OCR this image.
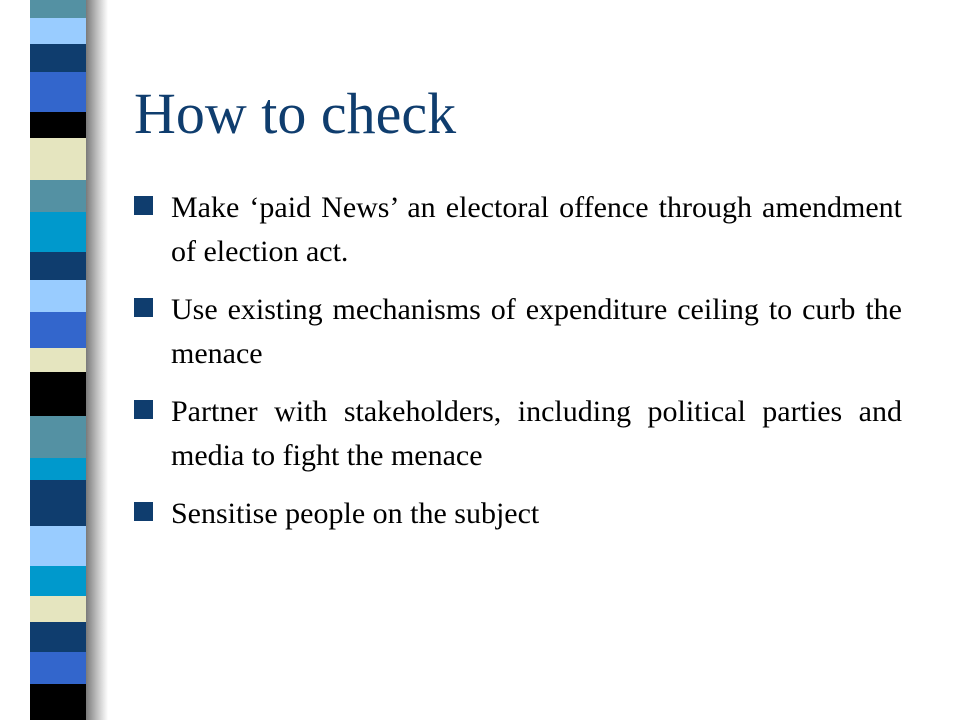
How to check
Make ‘paid News’ an electoral offence through amendment of election act.
Use existing mechanisms of expenditure ceiling to curb the menace
Partner with stakeholders, including political parties and media to fight the menace
Sensitise people on the subject
